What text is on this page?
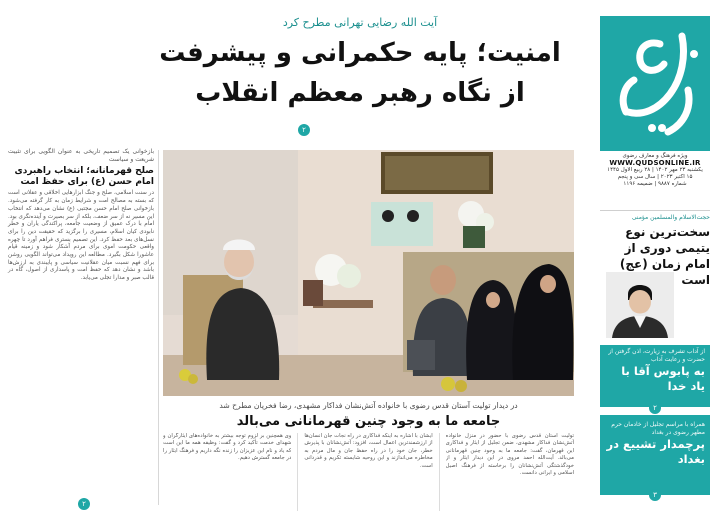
ویژه فرهنگ و معارف رضوی
WWW.QUDSONLINE.IR
یکشنبه ۲۳ مهر ۱۴۰۲ | ۲۸ ربیع الاول ۱۴۴۵
۱۵ اکتبر ۲۰۲۳ | سال سی و پنجم
شماره ۹۸۸۷ | ضمیمه ۱۱۹۶
حجت‌الاسلام والمسلمین مؤمنی
سخت‌ترین نوع یتیمی دوری از امام زمان (عج) است
از آداب تشرف به زیارت، اذن گرفتن از حضرت و رعایت آداب
به پابوس آقا با یاد خدا
۲
همراه با مراسم تجلیل از خادمان حرم مطهر رضوی در بغداد
پرچمدار تشییع در بغداد
۳
آیت الله رضایی تهرانی مطرح کرد
امنیت؛ پایه حکمرانی و پیشرفت
از نگاه رهبر معظم انقلاب
۲
بازخوانی یک تصمیم تاریخی به عنوان الگویی برای تثبیت شریعت و سیاست
صلح قهرمانانه؛ انتخاب راهبردی امام حسن (ع) برای حفظ امت

در سنت اسلامی، صلح و جنگ ابزارهایی اخلاقی و عقلانی است که بسته به مصالح امت و شرایط زمان به کار گرفته می‌شود. بازخوانی صلح امام حسن مجتبی (ع) نشان می‌دهد که انتخاب این مسیر نه از سر ضعف، بلکه از سر بصیرت و آینده‌نگری بود. امام با درک عمیق از وضعیت جامعه، پراکندگی یاران و خطر نابودی کیان اسلام، مسیری را برگزید که حقیقت دین را برای نسل‌های بعد حفظ کرد. این تصمیم بستری فراهم آورد تا چهره واقعی حکومت اموی برای مردم آشکار شود و زمینه قیام عاشورا شکل بگیرد. مطالعه این رویداد می‌تواند الگویی روشن برای فهم نسبت میان عقلانیت سیاسی و پایبندی به ارزش‌ها باشد و نشان دهد که حفظ امت و پاسداری از اصول، گاه در قالب صبر و مدارا تجلی می‌یابد.

۲
در دیدار تولیت آستان قدس رضوی با خانواده آتش‌نشان فداکار مشهدی، رضا فخریان مطرح شد
جامعه ما به وجود چنین قهرمانانی می‌بالد
تولیت آستان قدس رضوی با حضور در منزل خانواده آتش‌نشان فداکار مشهدی، ضمن تجلیل از ایثار و فداکاری این قهرمان، گفت: جامعه ما به وجود چنین قهرمانانی می‌بالد. آیت‌الله احمد مروی در این دیدار ایثار و از خودگذشتگی آتش‌نشانان را برخاسته از فرهنگ اصیل اسلامی و ایرانی دانست.
ایشان با اشاره به اینکه فداکاری در راه نجات جان انسان‌ها از ارزشمندترین اعمال است، افزود: آتش‌نشانان با پذیرش خطر، جان خود را در راه حفظ جان و مال مردم به مخاطره می‌اندازند و این روحیه شایسته تکریم و قدردانی است.
وی همچنین بر لزوم توجه بیشتر به خانواده‌های ایثارگران و شهدای خدمت تأکید کرد و گفت: وظیفه همه ما این است که یاد و نام این عزیزان را زنده نگه داریم و فرهنگ ایثار را در جامعه گسترش دهیم.
